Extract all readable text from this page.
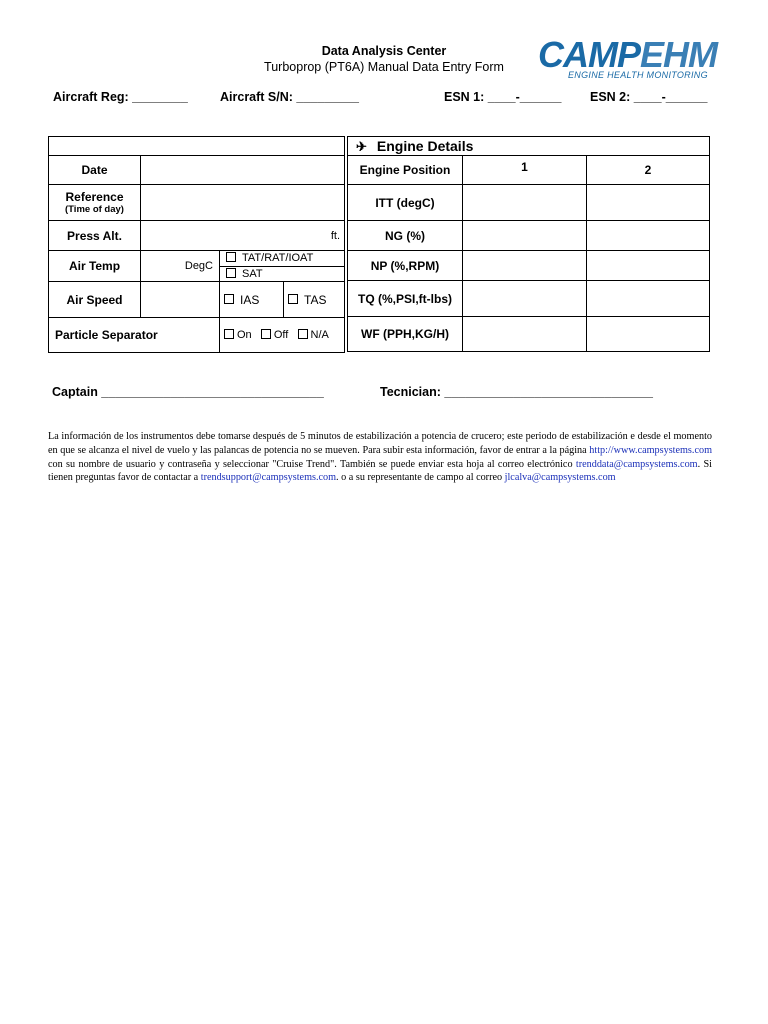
Data Analysis Center
Turboprop (PT6A) Manual Data Entry Form CAMPEHM
ENGINE HEALTH MONITORING
Aircraft Reg: ________	Aircraft S/N: _________	ESN 1: ____-______ ESN 2: ____-______

Date			

Reference
(Time of day)			

Press Alt.	ft.		
Air Temp	DegC	TAT/RAT/IOAT
SAT	

Air Speed		IAS	TAS
Particle Separator		On Off N/A	
✈ Engine Details		
Engine Position	1	2
ITT (degC)		
NG (%)		
NP (%,RPM)		
TQ (%,PSI,ft-lbs)		
WF (PPH,KG/H)		
Captain ________________________________	Tecnician: ______________________________
La información de los instrumentos debe tomarse después de 5 minutos de estabilización a potencia de crucero; este periodo de estabilización e desde el momento en que se alcanza el nivel de vuelo y las palancas de potencia no se mueven. Para subir esta información, favor de entrar a la página http://www.campsystems.com con su nombre de usuario y contraseña y seleccionar "Cruise Trend". También se puede enviar esta hoja al correo electrónico trenddata@campsystems.com. Si tienen preguntas favor de contactar a trendsupport@campsystems.com. o a su representante de campo al correo jlcalva@campsystems.com
